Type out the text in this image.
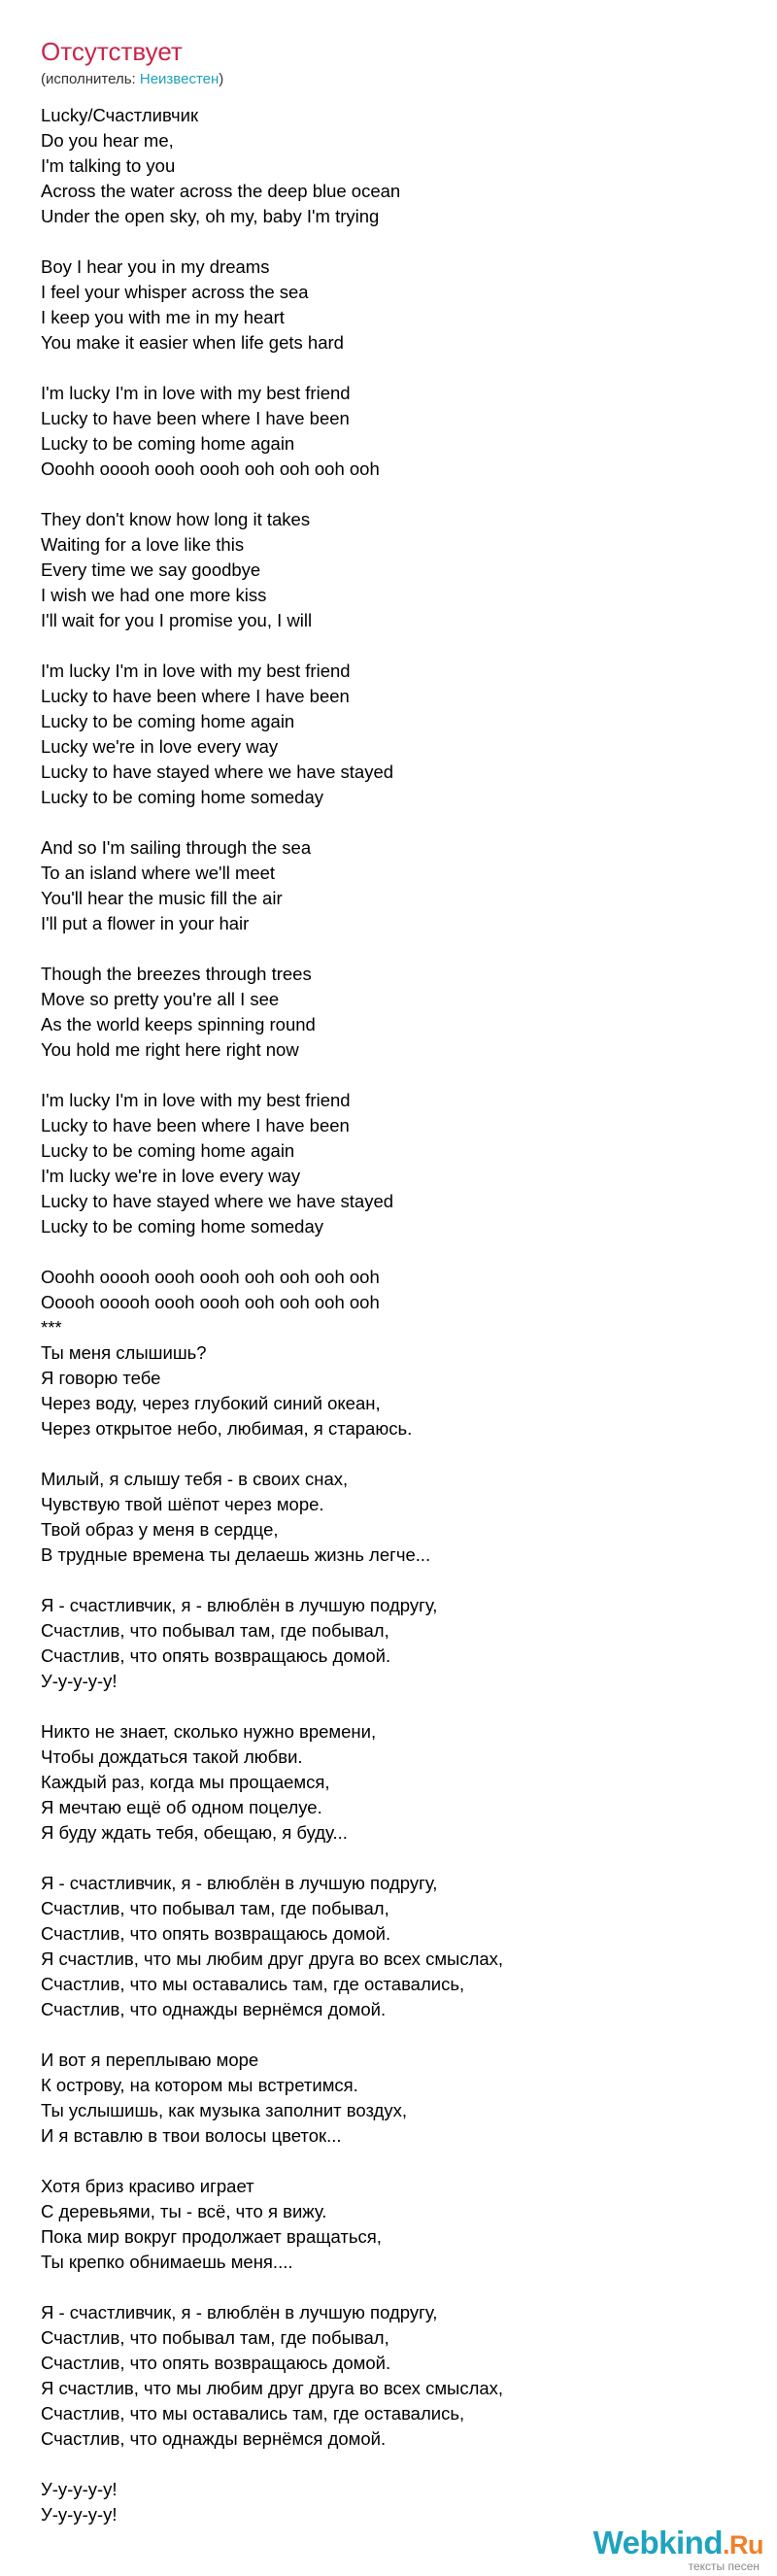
Отсутствует
(исполнитель: Неизвестен)
Lucky/Счастливчик
Do you hear me,
I'm talking to you
Across the water across the deep blue ocean
Under the open sky, oh my, baby I'm trying
Boy I hear you in my dreams
I feel your whisper across the sea
I keep you with me in my heart
You make it easier when life gets hard
I'm lucky I'm in love with my best friend
Lucky to have been where I have been
Lucky to be coming home again
Ooohh ooooh oooh oooh ooh ooh ooh ooh
They don't know how long it takes
Waiting for a love like this
Every time we say goodbye
I wish we had one more kiss
I'll wait for you I promise you, I will
I'm lucky I'm in love with my best friend
Lucky to have been where I have been
Lucky to be coming home again
Lucky we're in love every way
Lucky to have stayed where we have stayed
Lucky to be coming home someday
And so I'm sailing through the sea
To an island where we'll meet
You'll hear the music fill the air
I'll put a flower in your hair
Though the breezes through trees
Move so pretty you're all I see
As the world keeps spinning round
You hold me right here right now
I'm lucky I'm in love with my best friend
Lucky to have been where I have been
Lucky to be coming home again
I'm lucky we're in love every way
Lucky to have stayed where we have stayed
Lucky to be coming home someday
Ooohh ooooh oooh oooh ooh ooh ooh ooh
Ooooh ooooh oooh oooh ooh ooh ooh ooh
***
Ты меня слышишь?
Я говорю тебе
Через воду, через глубокий синий океан,
Через открытое небо, любимая, я стараюсь.
Милый, я слышу тебя - в своих снах,
Чувствую твой шёпот через море.
Твой образ у меня в сердце,
В трудные времена ты делаешь жизнь легче...
Я - счастливчик, я - влюблён в лучшую подругу,
Счастлив, что побывал там, где побывал,
Счастлив, что опять возвращаюсь домой.
У-у-у-у-у!
Никто не знает, сколько нужно времени,
Чтобы дождаться такой любви.
Каждый раз, когда мы прощаемся,
Я мечтаю ещё об одном поцелуе.
Я буду ждать тебя, обещаю, я буду...
Я - счастливчик, я - влюблён в лучшую подругу,
Счастлив, что побывал там, где побывал,
Счастлив, что опять возвращаюсь домой.
Я счастлив, что мы любим друг друга во всех смыслах,
Счастлив, что мы оставались там, где оставались,
Счастлив, что однажды вернёмся домой.
И вот я переплываю море
К острову, на котором мы встретимся.
Ты услышишь, как музыка заполнит воздух,
И я вставлю в твои волосы цветок...
Хотя бриз красиво играет
С деревьями, ты - всё, что я вижу.
Пока мир вокруг продолжает вращаться,
Ты крепко обнимаешь меня....
Я - счастливчик, я - влюблён в лучшую подругу,
Счастлив, что побывал там, где побывал,
Счастлив, что опять возвращаюсь домой.
Я счастлив, что мы любим друг друга во всех смыслах,
Счастлив, что мы оставались там, где оставались,
Счастлив, что однажды вернёмся домой.
У-у-у-у-у!
У-у-у-у-у!
Webkind.Ru
тексты песен
